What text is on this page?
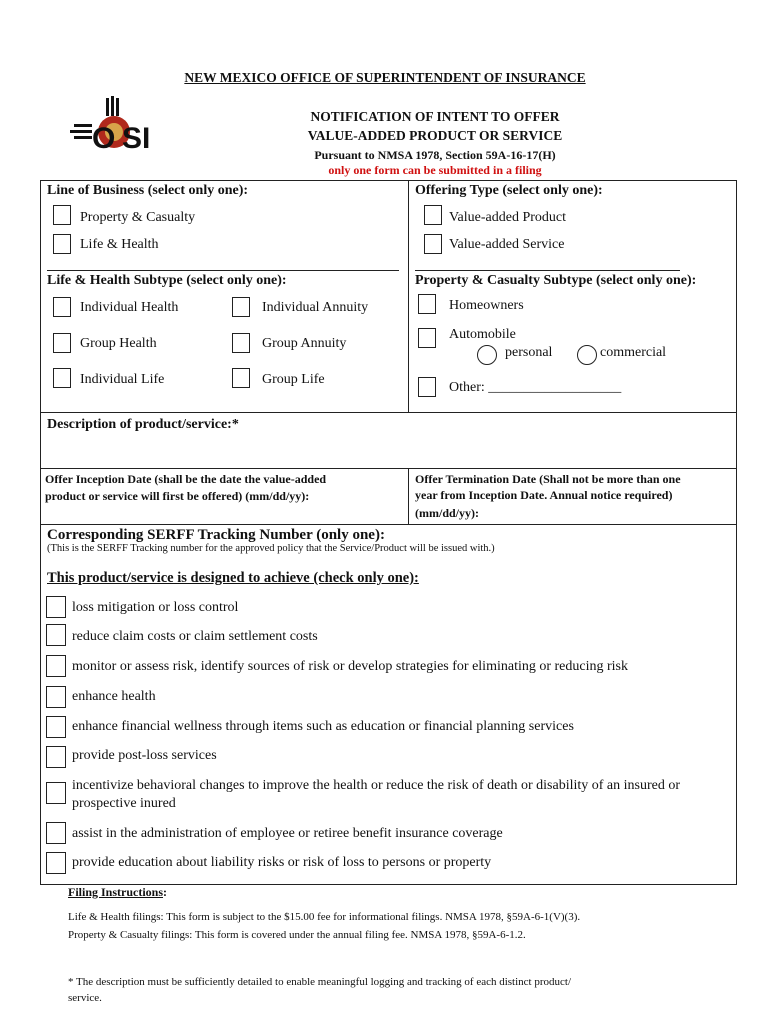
NEW MEXICO OFFICE OF SUPERINTENDENT OF INSURANCE
O SI
NOTIFICATION OF INTENT TO OFFER
VALUE-ADDED PRODUCT OR SERVICE
Pursuant to NMSA 1978, Section 59A-16-17(H)
only one form can be submitted in a filing
Line of Business (select only one):
Property & Casualty
Life & Health
Offering Type (select only one):
Value-added Product
Value-added Service
Life & Health Subtype (select only one):
Individual Health
Group Health
Individual Life
Individual Annuity
Group Annuity
Group Life
Property & Casualty Subtype (select only one):
Homeowners
Automobile
personal	commercial
Other: ___________________
Description of product/service:*
Offer Inception Date (shall be the date the value-added
product or service will first be offered) (mm/dd/yy):
Offer Termination Date (Shall not be more than one
year from Inception Date. Annual notice required)
(mm/dd/yy):
Corresponding SERFF Tracking Number (only one):
(This is the SERFF Tracking number for the approved policy that the Service/Product will be issued with.)
This product/service is designed to achieve (check only one):
loss mitigation or loss control
reduce claim costs or claim settlement costs
monitor or assess risk, identify sources of risk or develop strategies for eliminating or reducing risk
enhance health
enhance financial wellness through items such as education or financial planning services
provide post-loss services
incentivize behavioral changes to improve the health or reduce the risk of death or disability of an insured or
prospective inured
assist in the administration of employee or retiree benefit insurance coverage
provide education about liability risks or risk of loss to persons or property
Filing Instructions:
Life & Health filings: This form is subject to the $15.00 fee for informational filings. NMSA 1978, §59A-6-1(V)(3).
Property & Casualty filings: This form is covered under the annual filing fee. NMSA 1978, §59A-6-1.2.
* The description must be sufficiently detailed to enable meaningful logging and tracking of each distinct product/
service.
